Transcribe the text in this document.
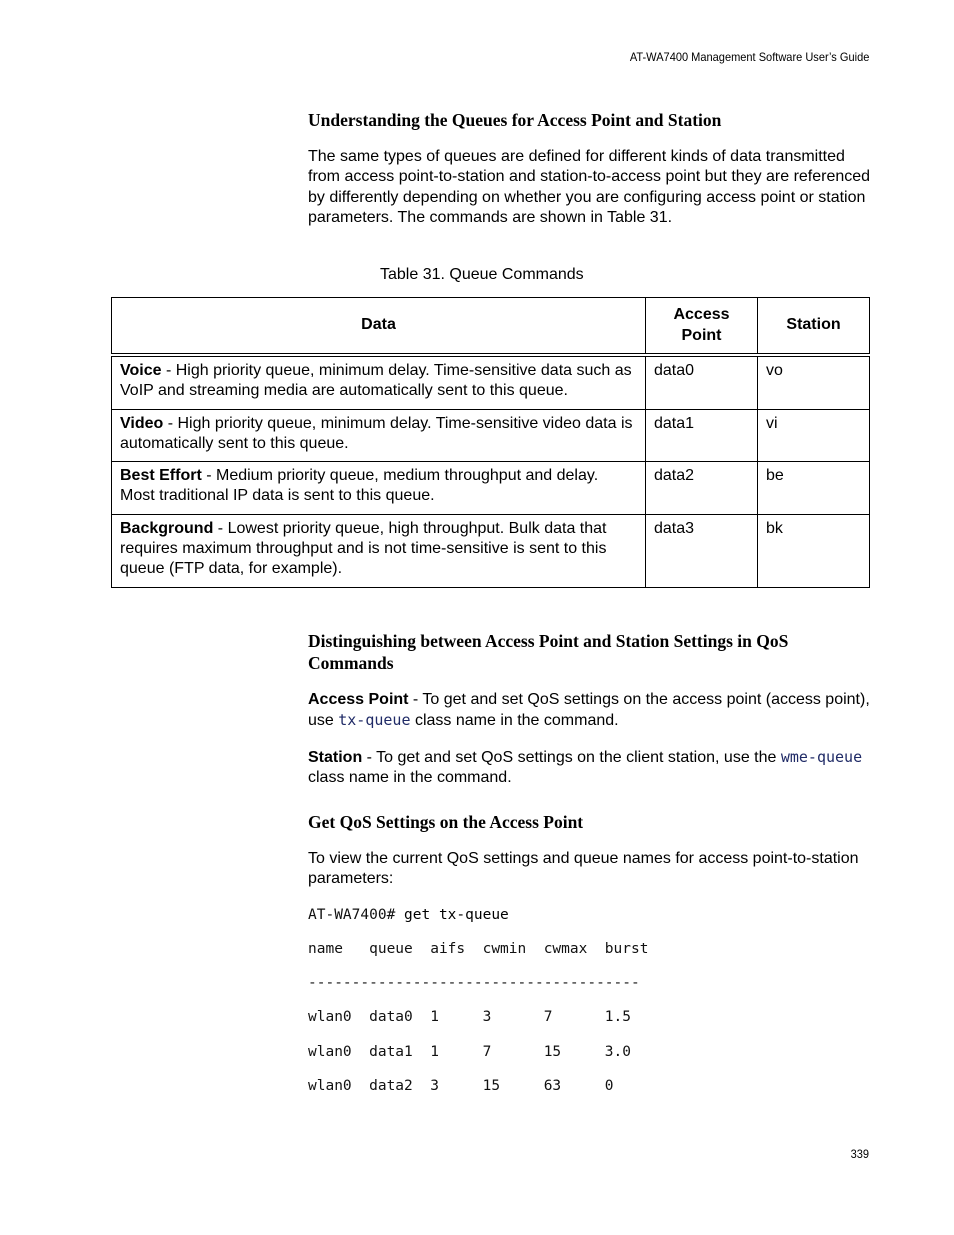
AT-WA7400 Management Software User’s Guide
Understanding the Queues for Access Point and Station

The same types of queues are defined for different kinds of data transmitted from access point-to-station and station-to-access point but they are referenced by differently depending on whether you are configuring access point or station parameters. The commands are shown in Table 31.

Table 31. Queue Commands
Data	Access Point	Station
Voice - High priority queue, minimum delay. Time-sensitive data such as VoIP and streaming media are automatically sent to this queue.	data0	vo
Video - High priority queue, minimum delay. Time-sensitive video data is automatically sent to this queue.	data1	vi
Best Effort - Medium priority queue, medium throughput and delay. Most traditional IP data is sent to this queue.	data2	be
Background - Lowest priority queue, high throughput. Bulk data that requires maximum throughput and is not time-sensitive is sent to this queue (FTP data, for example).	data3	bk
Distinguishing between Access Point and Station Settings in QoS Commands

Access Point - To get and set QoS settings on the access point (access point), use tx-queue class name in the command.

Station - To get and set QoS settings on the client station, use the wme-queue class name in the command.

Get QoS Settings on the Access Point

To view the current QoS settings and queue names for access point-to-station parameters:

AT-WA7400# get tx-queue
name   queue  aifs  cwmin  cwmax  burst
--------------------------------------
wlan0  data0  1     3      7      1.5
wlan0  data1  1     7      15     3.0
wlan0  data2  3     15     63     0
339
